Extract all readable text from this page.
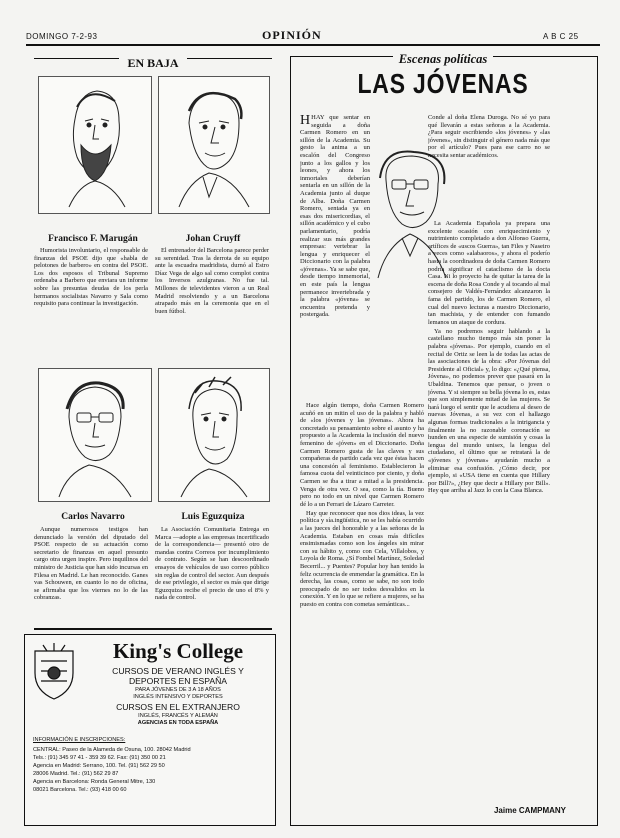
DOMINGO 7-2-93	OPINIÓN	A B C 25
EN BAJA
Francisco F. Marugán	Johan Cruyff

Humorista involuntario, el responsable de finanzas del PSOE dijo que «habla de pelotones de barbero» en contra del PSOE. Los dos esposos el Tribunal Supremo ordenaba a Barbero que enviara un informe sobre las presuntas deudas de los perla hermanos socialistas Navarro y Sala como requisito para continuar la investigación.

El entrenador del Barcelona parece perder su serenidad. Tras la derrota de su equipo ante la escuadra madridista, durnó al Estro Díaz Vega de algo sal como complot contra los Inversos azulgranas. No fue tal. Millones de televidentes vieron a un Real Madrid resolviendo y a un Barcelona atrapado más en la ceremonia que en el buen fútbol.

Carlos Navarro	Luis Eguzquiza

Aunque numerosos testigos han denunciado la versión del diputado del PSOE respecto de su actuación como secretario de finanzas en aquel presunto cargo otra urgen inspire. Pero inquilinos del ministro de Justicia que han sido incursas en Filesa en Madrid. Le han reconocido. Ganes vas Schouwen, en cuanto lo no de oficina, se afirmaba que los viernes no lo de las cobranzas.

La Asociación Comunitaria Entrega en Marca —adopte a las empresas incertificado de la correspondencia— presentó otro de mandas contra Correos por incumplimiento de contrato. Según se han descoordinado ensayos de vehículos de uso correo público sin reglas de control del sector. Aun después de ese privilegio, el sector es más que dirige Eguzquiza recibe el precio de uno el 8% y nada de control.

King's College
CURSOS DE VERANO INGLÉS Y
DEPORTES EN ESPAÑA
PARA JÓVENES DE 3 A 18 AÑOS
INGLÉS INTENSIVO Y DEPORTES
CURSOS EN EL EXTRANJERO
INGLÉS, FRANCÉS Y ALEMÁN
AGENCIAS EN TODA ESPAÑA
INFORMACIÓN E INSCRIPCIONES:
CENTRAL: Paseo de la Alameda de Osuna, 100. 28042 Madrid
Tels.: (91) 345 97 41 - 359 39 62. Fax: (91) 350 00 21
Agencia en Madrid: Serrano, 100. Tel. (91) 562 29 50
28006 Madrid. Tel.: (91) 562 29 87
Agencia en Barcelona: Ronda General Mitre, 130
08021 Barcelona. Tel.: (93) 418 00 60
Escenas políticas
LAS JÓVENAS

HHAY que sentar en seguida a doña Carmen Romero en un sillón de la Academia. Su gesto la anima a un escalón del Congreso junto a los gallos y los leones, y ahora los inmortales deberían sentarla en un sillón de la Academia junto al duque de Alba. Doña Carmen Romero, sentada ya en esas dos misericordias, el sillón académico y el cubo parlamentario, podría realizar sus más grandes empresas: vertebrar la lengua y enriquecer el Diccionario con la palabra «jóvenas». Ya se sabe que, desde tiempo inmemorial, en este país la lengua permanece invertebrada y la palabra «jóvena» se encuentra pretenda y postergada.

Hace algún tiempo, doña Carmen Romero acuñó en un mitin el uso de la palabra y habló de «los jóvenes y las jóvenas». Ahora ha concretado su pensamiento sobre el asunto y ha propuesto a la Academia la inclusión del nuevo femenino de «jóven» en el Diccionario. Doña Carmen Romero gusta de las claves y sus compañeras de partido cada vez que éstas hacen una concesión al feminismo. Establecieron la famosa cuota del veinticinco por ciento, y doña Carmen se iba a tirar a mitad a la presidencia. Venga de otra vez. O sea, como la tía. Bueno pero no todo en un nivel que Carmen Romero dé lo a un Ferrari de Lázaro Carreter.

Hay que reconocer que nos dios ideas, la vez política y sía.ingüística, no se les había ocurrido a las jueces del honorable y a las señoras de la Academia. Estaban en cosas más difíciles ensimismadas como son los ángeles sin mirar con su hábito y, como con Cela, Villalobos, y Loyola de Roma. ¿Sí Fombel Martínez, Soledad Becerril... y Puentes? Popular hoy han tenido la feliz ocurrencia de enmendar la gramática. En la derecha, las cosas, como se sabe, no son todo preocupado de no ser todos desvalidos en la conexión. Y en lo que se refiere a mujeres, se ha puesto en contra con cometas semánticas...

Conde al doña Elena Duroga. No sé yo para qué llevarán a estas señoras a la Academia. ¿Para seguir escribiendo «los jóvenes» y «las jóvenes», sin distinguir el género nada más que por el artículo? Pues para ese carro no se necesita sentar académicos.

La Academia Española ya prepara una excelente ocasión con enriquecimiento y nutrimiento completado a don Alfonso Guerra, artífices de «uscos Guerra», tan Files y Naseiro a veces como «alabaoros», y ahora el poderío hasta la coordinadora de doña Carmen Romero podría significar el cataclismo de la docta Casa. Ni lo proyecto ha de quitar la tarea de la escena de doña Rosa Conde y al tocando al mal consejero de Valdés-Fernández alcanzaron la fama del partido, los de Carmen Romero, el cual del nuevo lecturas a nuestro Diccionario, tan machista, y de entender con fumando lemanos un ataque de cordura.

Ya no podremos seguir hablando a la castellano mucho tiempo más sin poner la palabra «jóvena». Por ejemplo, cuando en el recital de Ortiz se leen la de todas las actas de las asociaciones de la obra: «Por Jóvenas del Presidente al Oficial» y, lo digo: «¿Qué piensa, Jóvena», no podemos prever que pasará en la Ubaldina. Tenemos que pensar, o joven o jóvena. Y si siempre su bella jóvena lo es, estas que son simplemente mitad de las mujeres. Se hará luego el sentir que le acudiera al deseo de nuevas Jóvenas, a su vez con el hallazgo algunas formas tradicionales a la intrigancia y finalmente la no razonable coronación se hunden en una especie de sumisión y cosas la lengua del mundo unisex, la lengua del ciudadano, el último que se retratará la de «jóvenes y jóvenas» ayudarán mucho a eliminar esa confusión. ¿Cómo decir, por ejemplo, si «USA tiene en cuenta que Hillary por Bill?», ¿Hey que decir a Hillary por Bill». Hey que arriba al Jazz lo con la Casa Blanca.

Jaime CAMPMANY
